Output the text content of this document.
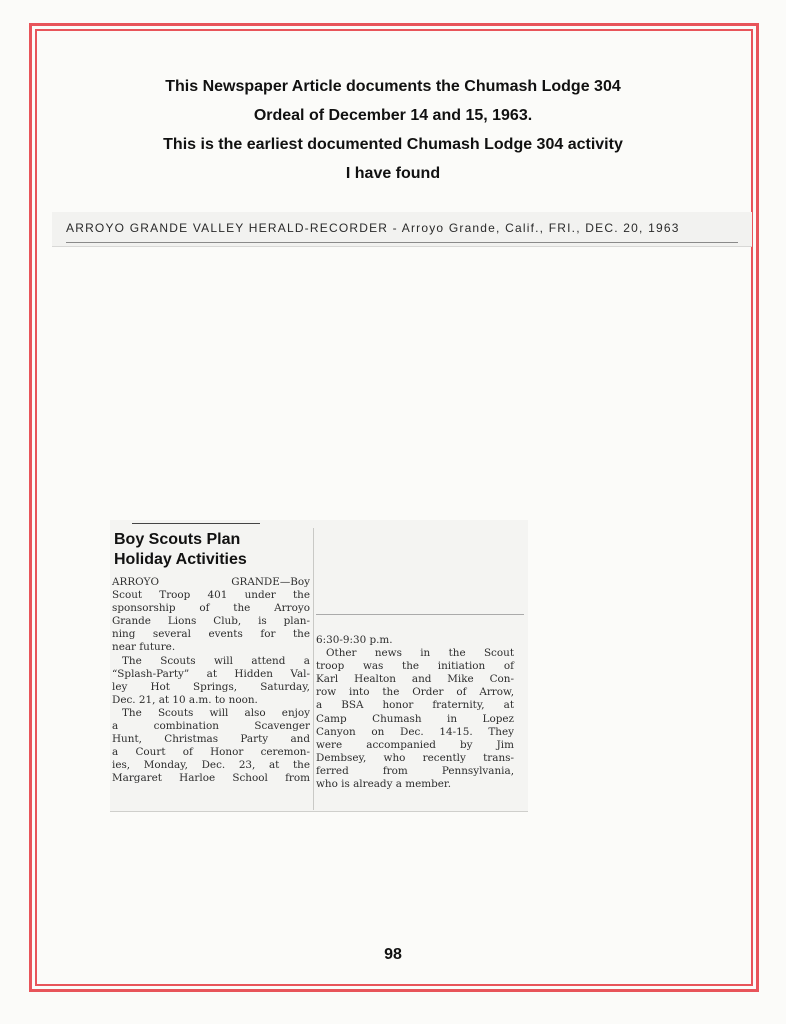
This Newspaper Article documents the Chumash Lodge 304
Ordeal of December 14 and 15, 1963.
This is the earliest documented Chumash Lodge 304 activity
I have found
ARROYO GRANDE VALLEY HERALD-RECORDER - Arroyo Grande, Calif., FRI., DEC. 20, 1963
Boy Scouts Plan
Holiday Activities
ARROYO GRANDE—Boy
Scout Troop 401 under the
sponsorship of the Arroyo
Grande Lions Club, is plan-
ning several events for the
near future.
The Scouts will attend a
“Splash-Party” at Hidden Val-
ley Hot Springs, Saturday,
Dec. 21, at 10 a.m. to noon.
The Scouts will also enjoy
a combination Scavenger
Hunt, Christmas Party and
a Court of Honor ceremon-
ies, Monday, Dec. 23, at the
Margaret Harloe School from
6:30-9:30 p.m.
Other news in the Scout
troop was the initiation of
Karl Healton and Mike Con-
row into the Order of Arrow,
a BSA honor fraternity, at
Camp Chumash in Lopez
Canyon on Dec. 14-15. They
were accompanied by Jim
Dembsey, who recently trans-
ferred from Pennsylvania,
who is already a member.
98
